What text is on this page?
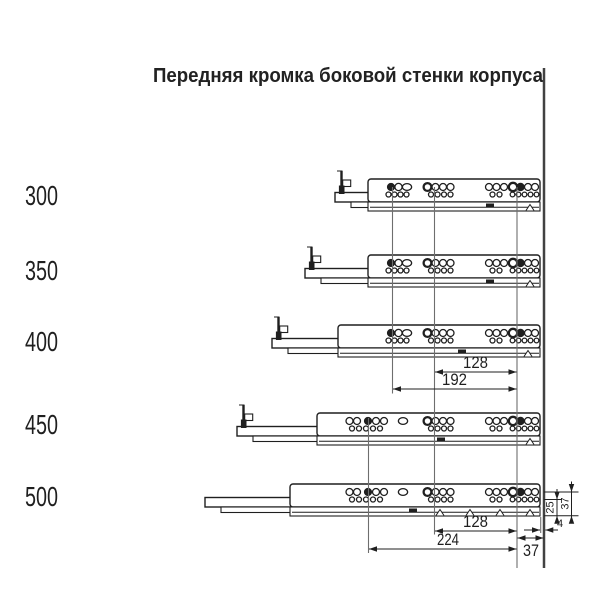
128
192
128
224
37
4
25 37
Передняя кромка боковой стенки корпуса
300
350
400
450
500
